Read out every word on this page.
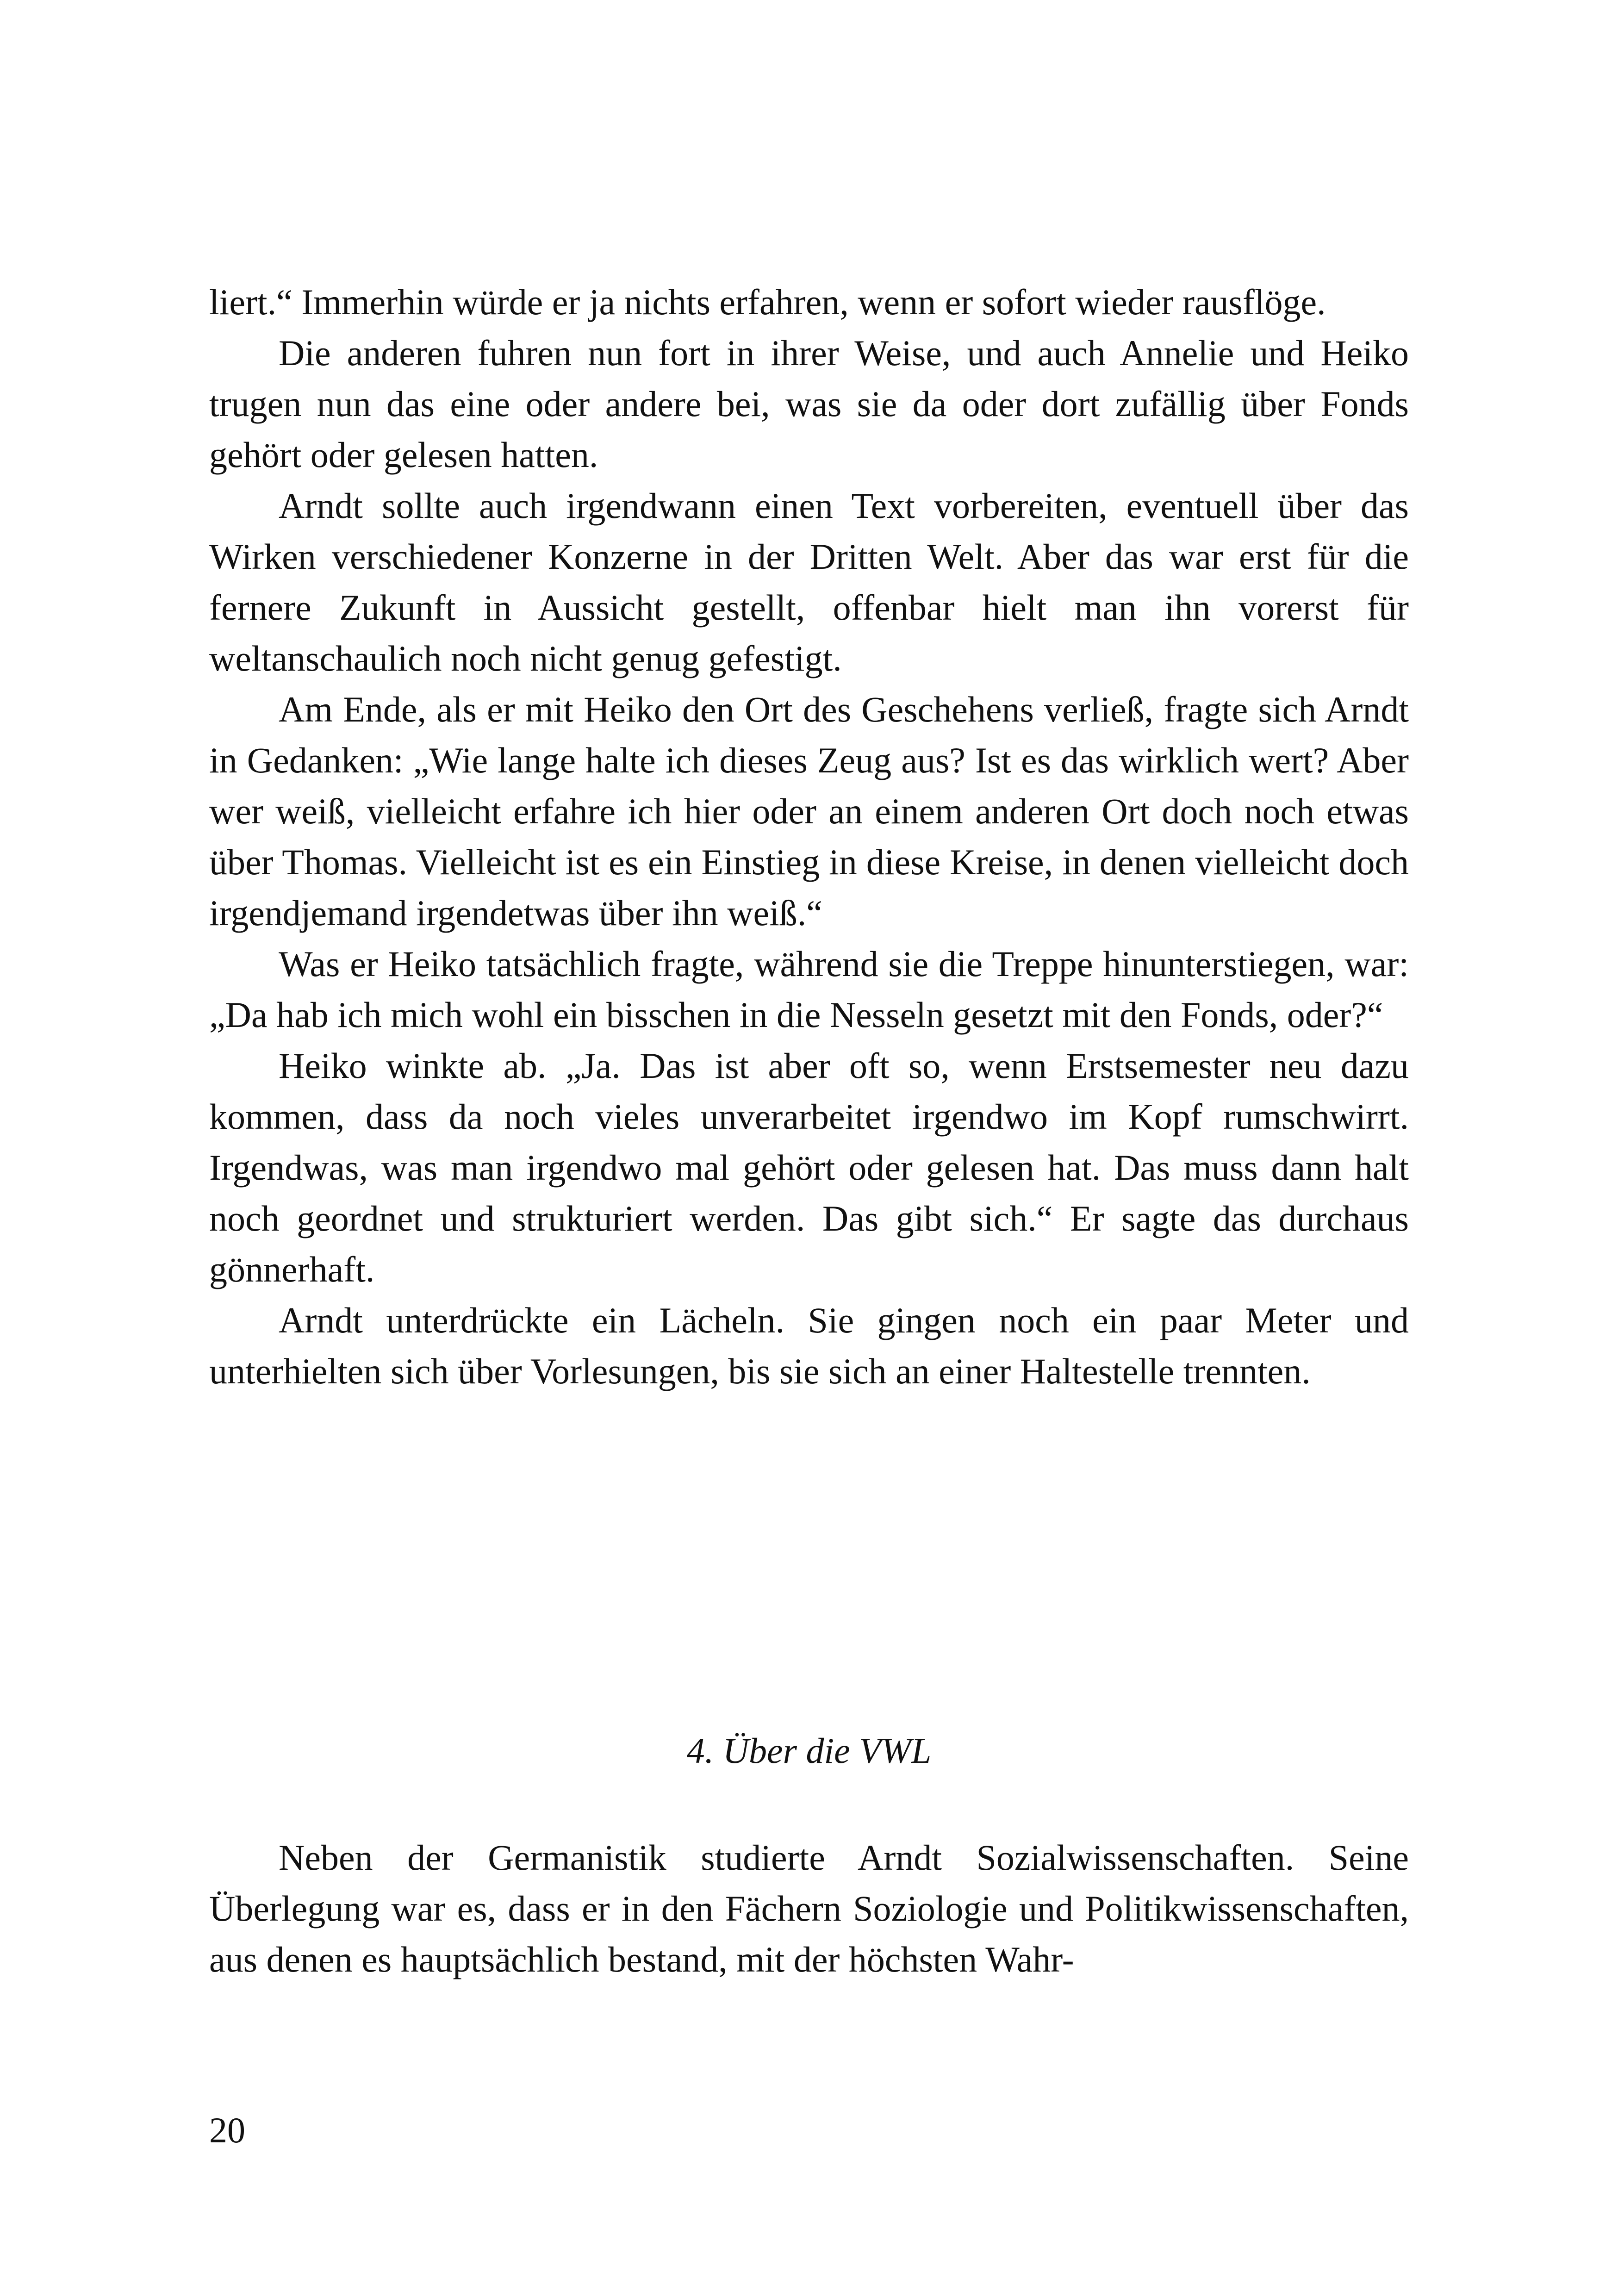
liert.“ Immerhin würde er ja nichts erfahren, wenn er sofort wieder rausflöge.

Die anderen fuhren nun fort in ihrer Weise, und auch Annelie und Heiko trugen nun das eine oder andere bei, was sie da oder dort zufällig über Fonds gehört oder gelesen hatten.

Arndt sollte auch irgendwann einen Text vorbereiten, eventuell über das Wirken verschiedener Konzerne in der Dritten Welt. Aber das war erst für die fernere Zukunft in Aussicht gestellt, offenbar hielt man ihn vorerst für weltanschaulich noch nicht genug gefestigt.

Am Ende, als er mit Heiko den Ort des Geschehens verließ, fragte sich Arndt in Gedanken: „Wie lange halte ich dieses Zeug aus? Ist es das wirklich wert? Aber wer weiß, vielleicht erfahre ich hier oder an einem anderen Ort doch noch etwas über Thomas. Vielleicht ist es ein Einstieg in diese Kreise, in denen vielleicht doch irgendjemand irgendetwas über ihn weiß.“

Was er Heiko tatsächlich fragte, während sie die Treppe hinunterstiegen, war: „Da hab ich mich wohl ein bisschen in die Nesseln gesetzt mit den Fonds, oder?“

Heiko winkte ab. „Ja. Das ist aber oft so, wenn Erstsemester neu dazu kommen, dass da noch vieles unverarbeitet irgendwo im Kopf rumschwirrt. Irgendwas, was man irgendwo mal gehört oder gelesen hat. Das muss dann halt noch geordnet und strukturiert werden. Das gibt sich.“ Er sagte das durchaus gönnerhaft.

Arndt unterdrückte ein Lächeln. Sie gingen noch ein paar Meter und unterhielten sich über Vorlesungen, bis sie sich an einer Haltestelle trennten.

4. Über die VWL

Neben der Germanistik studierte Arndt Sozialwissenschaften. Seine Überlegung war es, dass er in den Fächern Soziologie und Politikwissenschaften, aus denen es hauptsächlich bestand, mit der höchsten Wahr-

20
